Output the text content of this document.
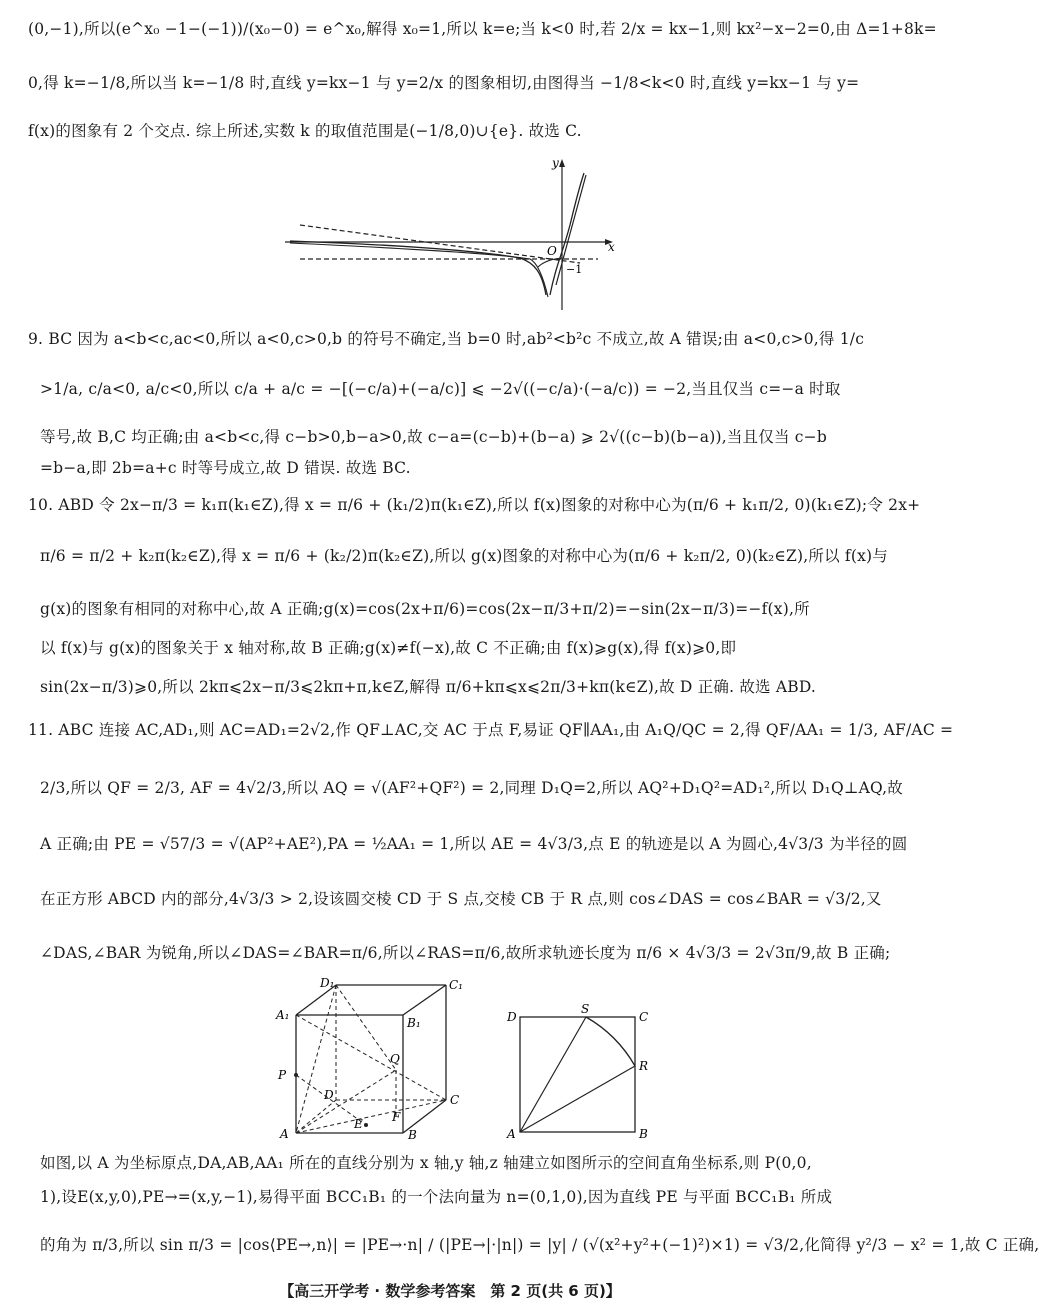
(0,−1),所以(e^x₀ −1−(−1))/(x₀−0) = e^x₀,解得 x₀=1,所以 k=e;当 k<0 时,若 2/x = kx−1,则 kx²−x−2=0,由 Δ=1+8k=
0,得 k=−1/8,所以当 k=−1/8 时,直线 y=kx−1 与 y=2/x 的图象相切,由图得当 −1/8<k<0 时,直线 y=kx−1 与 y=
f(x)的图象有 2 个交点. 综上所述,实数 k 的取值范围是(−1/8,0)∪{e}. 故选 C.
y
x
O
−1
9. BC 因为 a<b<c,ac<0,所以 a<0,c>0,b 的符号不确定,当 b=0 时,ab²<b²c 不成立,故 A 错误;由 a<0,c>0,得 1/c
>1/a, c/a<0, a/c<0,所以 c/a + a/c = −[(−c/a)+(−a/c)] ⩽ −2√((−c/a)·(−a/c)) = −2,当且仅当 c=−a 时取
等号,故 B,C 均正确;由 a<b<c,得 c−b>0,b−a>0,故 c−a=(c−b)+(b−a) ⩾ 2√((c−b)(b−a)),当且仅当 c−b
=b−a,即 2b=a+c 时等号成立,故 D 错误. 故选 BC.
10. ABD 令 2x−π/3 = k₁π(k₁∈Z),得 x = π/6 + (k₁/2)π(k₁∈Z),所以 f(x)图象的对称中心为(π/6 + k₁π/2, 0)(k₁∈Z);令 2x+
π/6 = π/2 + k₂π(k₂∈Z),得 x = π/6 + (k₂/2)π(k₂∈Z),所以 g(x)图象的对称中心为(π/6 + k₂π/2, 0)(k₂∈Z),所以 f(x)与
g(x)的图象有相同的对称中心,故 A 正确;g(x)=cos(2x+π/6)=cos(2x−π/3+π/2)=−sin(2x−π/3)=−f(x),所
以 f(x)与 g(x)的图象关于 x 轴对称,故 B 正确;g(x)≠f(−x),故 C 不正确;由 f(x)⩾g(x),得 f(x)⩾0,即
sin(2x−π/3)⩾0,所以 2kπ⩽2x−π/3⩽2kπ+π,k∈Z,解得 π/6+kπ⩽x⩽2π/3+kπ(k∈Z),故 D 正确. 故选 ABD.
11. ABC 连接 AC,AD₁,则 AC=AD₁=2√2,作 QF⊥AC,交 AC 于点 F,易证 QF∥AA₁,由 A₁Q/QC = 2,得 QF/AA₁ = 1/3, AF/AC =
2/3,所以 QF = 2/3, AF = 4√2/3,所以 AQ = √(AF²+QF²) = 2,同理 D₁Q=2,所以 AQ²+D₁Q²=AD₁²,所以 D₁Q⊥AQ,故
A 正确;由 PE = √57/3 = √(AP²+AE²),PA = ½AA₁ = 1,所以 AE = 4√3/3,点 E 的轨迹是以 A 为圆心,4√3/3 为半径的圆
在正方形 ABCD 内的部分,4√3/3 > 2,设该圆交棱 CD 于 S 点,交棱 CB 于 R 点,则 cos∠DAS = cos∠BAR = √3/2,又
∠DAS,∠BAR 为锐角,所以∠DAS=∠BAR=π/6,所以∠RAS=π/6,故所求轨迹长度为 π/6 × 4√3/3 = 2√3π/9,故 B 正确;
D₁	C₁
A₁
B₁
P
Q
D	C
A	B
E F
D
S
C
R
A	B
如图,以 A 为坐标原点,DA,AB,AA₁ 所在的直线分别为 x 轴,y 轴,z 轴建立如图所示的空间直角坐标系,则 P(0,0,
1),设E(x,y,0),PE→=(x,y,−1),易得平面 BCC₁B₁ 的一个法向量为 n=(0,1,0),因为直线 PE 与平面 BCC₁B₁ 所成
的角为 π/3,所以 sin π/3 = |cos⟨PE→,n⟩| = |PE→·n| / (|PE→|·|n|) = |y| / (√(x²+y²+(−1)²)×1) = √3/2,化简得 y²/3 − x² = 1,故 C 正确,
【高三开学考 · 数学参考答案　第 2 页(共 6 页)】
